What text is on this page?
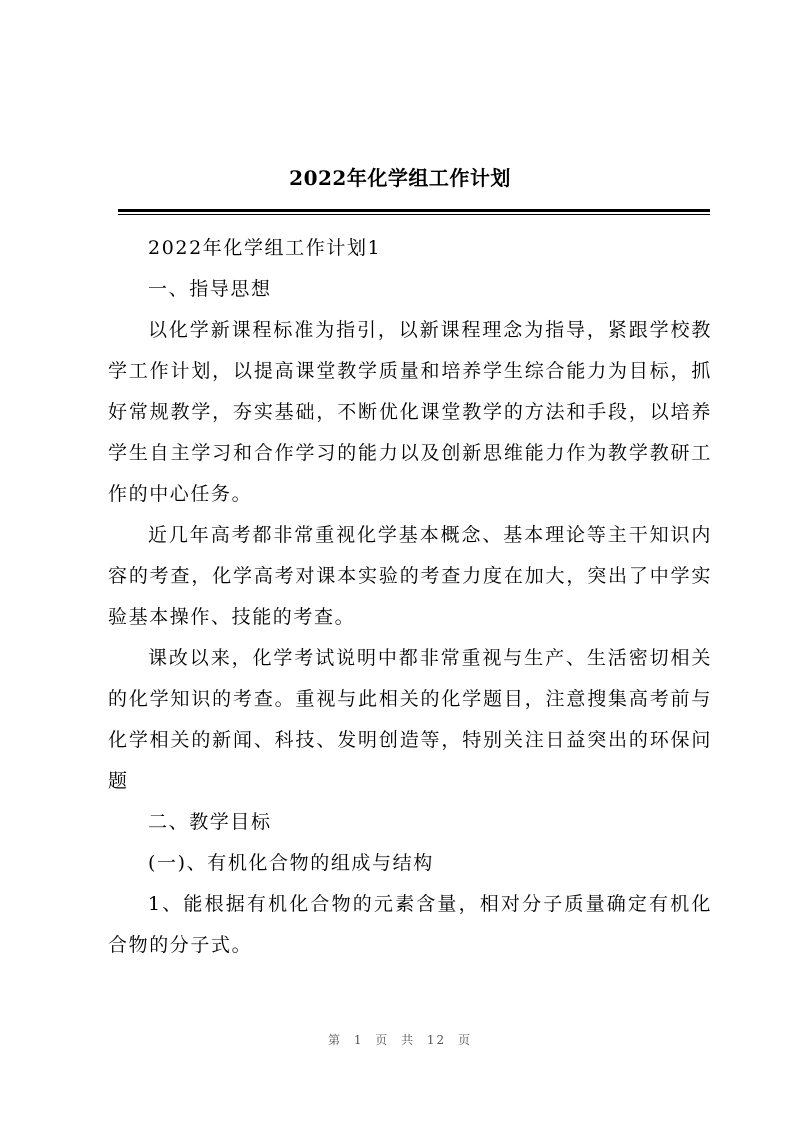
2022年化学组工作计划

2022年化学组工作计划1

一、指导思想

以化学新课程标准为指引，以新课程理念为指导，紧跟学校教学工作计划，以提高课堂教学质量和培养学生综合能力为目标，抓好常规教学，夯实基础，不断优化课堂教学的方法和手段，以培养学生自主学习和合作学习的能力以及创新思维能力作为教学教研工作的中心任务。

近几年高考都非常重视化学基本概念、基本理论等主干知识内容的考查，化学高考对课本实验的考查力度在加大，突出了中学实验基本操作、技能的考查。

课改以来，化学考试说明中都非常重视与生产、生活密切相关的化学知识的考查。重视与此相关的化学题目，注意搜集高考前与化学相关的新闻、科技、发明创造等，特别关注日益突出的环保问题

二、教学目标

(一)、有机化合物的组成与结构

1、能根据有机化合物的元素含量，相对分子质量确定有机化合物的分子式。

第 1 页 共 12 页
